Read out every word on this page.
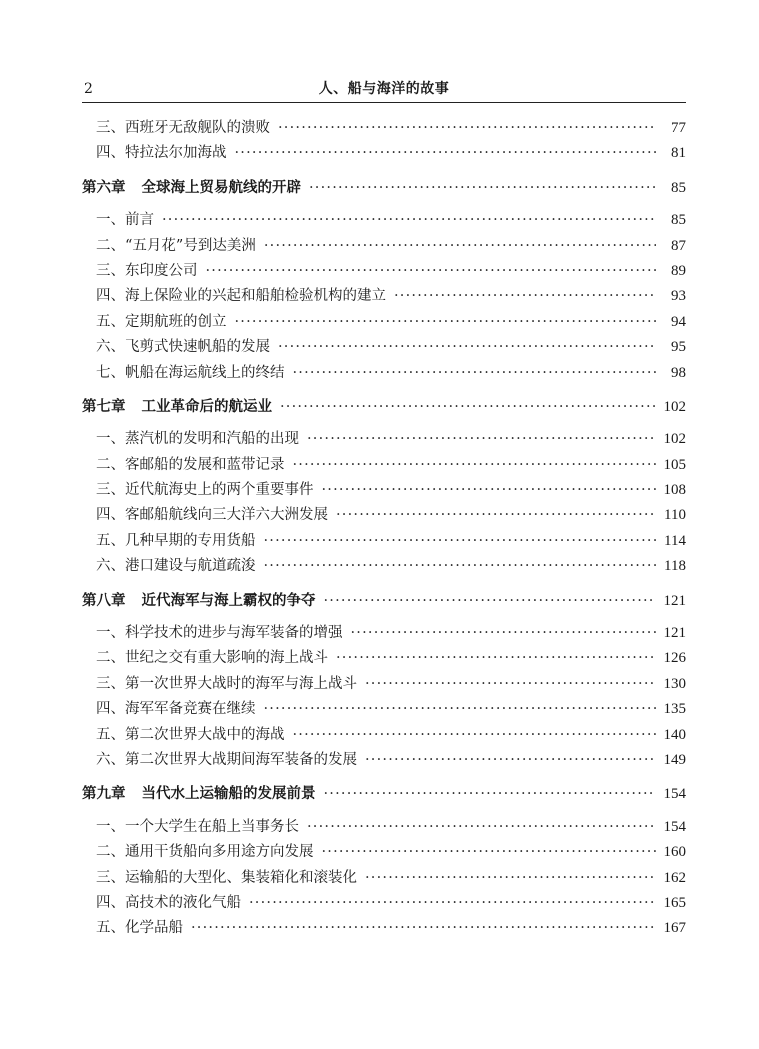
2	人、船与海洋的故事
三、西班牙无敌舰队的溃败 ·····	77
四、特拉法尔加海战 ·····	81
第六章 全球海上贸易航线的开辟 ·····	85
一、前言 ·····	85
二、“五月花”号到达美洲 ·····	87
三、东印度公司 ·····	89
四、海上保险业的兴起和船舶检验机构的建立 ·····	93
五、定期航班的创立 ·····	94
六、飞剪式快速帆船的发展 ·····	95
七、帆船在海运航线上的终结 ·····	98
第七章 工业革命后的航运业 ·····	102
一、蒸汽机的发明和汽船的出现 ·····	102
二、客邮船的发展和蓝带记录 ·····	105
三、近代航海史上的两个重要事件 ·····	108
四、客邮船航线向三大洋六大洲发展 ·····	110
五、几种早期的专用货船 ·····	114
六、港口建设与航道疏浚 ·····	118
第八章 近代海军与海上霸权的争夺 ·····	121
一、科学技术的进步与海军装备的增强 ·····	121
二、世纪之交有重大影响的海上战斗 ·····	126
三、第一次世界大战时的海军与海上战斗 ·····	130
四、海军军备竞赛在继续 ·····	135
五、第二次世界大战中的海战 ·····	140
六、第二次世界大战期间海军装备的发展 ·····	149
第九章 当代水上运输船的发展前景 ·····	154
一、一个大学生在船上当事务长 ·····	154
二、通用干货船向多用途方向发展 ·····	160
三、运输船的大型化、集装箱化和滚装化 ·····	162
四、高技术的液化气船 ·····	165
五、化学品船 ·····	167
